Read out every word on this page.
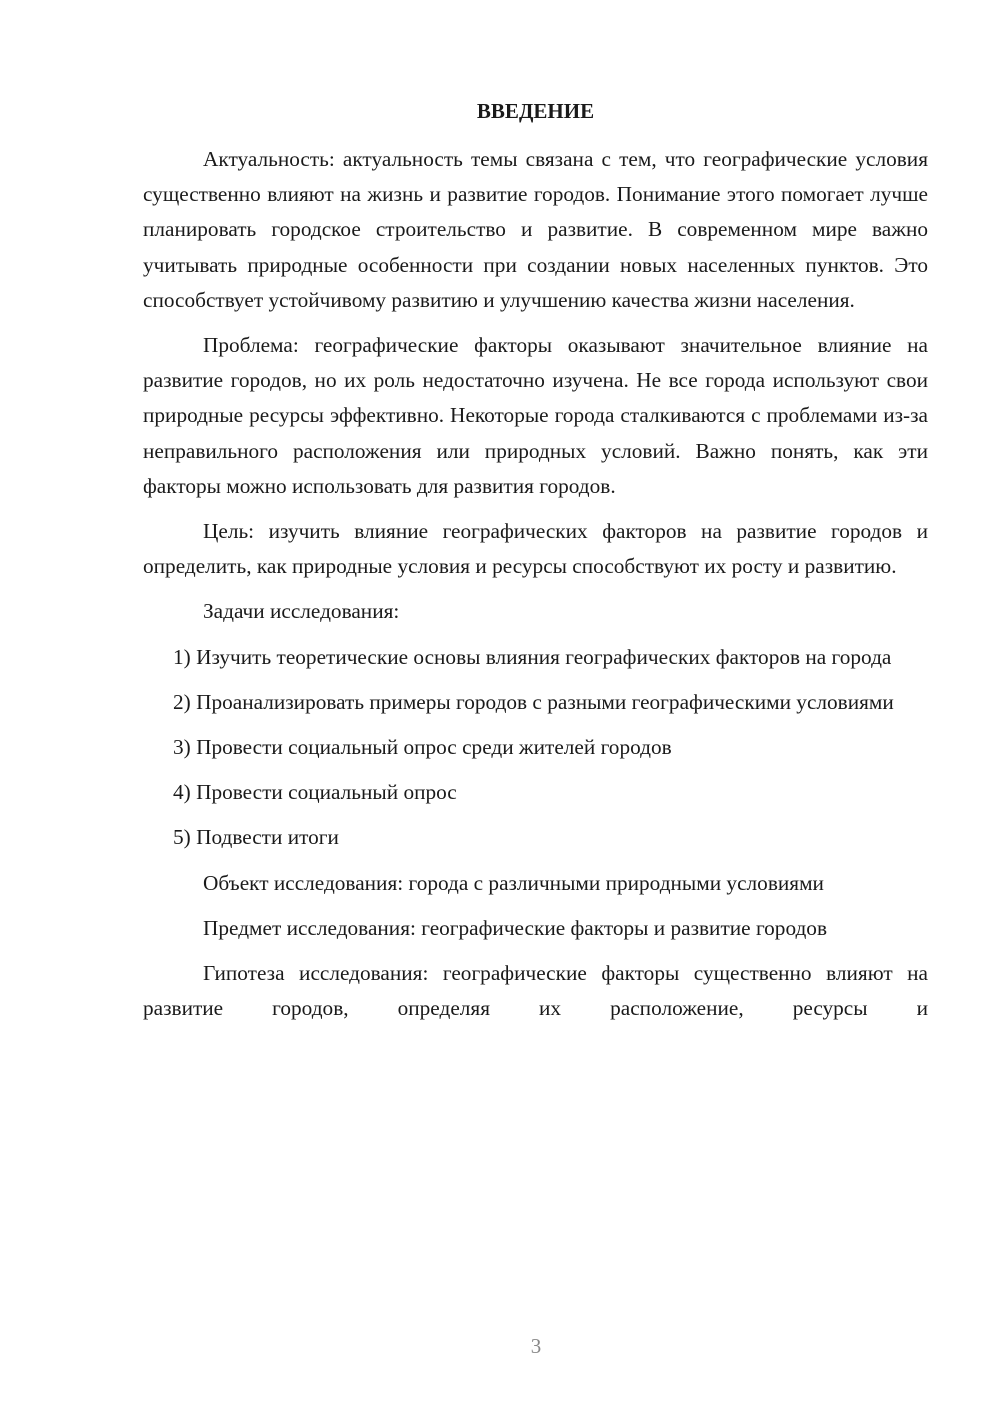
ВВЕДЕНИЕ

Актуальность: актуальность темы связана с тем, что географические условия существенно влияют на жизнь и развитие городов. Понимание этого помогает лучше планировать городское строительство и развитие. В современном мире важно учитывать природные особенности при создании новых населенных пунктов. Это способствует устойчивому развитию и улучшению качества жизни населения.

Проблема: географические факторы оказывают значительное влияние на развитие городов, но их роль недостаточно изучена. Не все города используют свои природные ресурсы эффективно. Некоторые города сталкиваются с проблемами из-за неправильного расположения или природных условий. Важно понять, как эти факторы можно использовать для развития городов.

Цель: изучить влияние географических факторов на развитие городов и определить, как природные условия и ресурсы способствуют их росту и развитию.

Задачи исследования:

1) Изучить теоретические основы влияния географических факторов на города

2) Проанализировать примеры городов с разными географическими условиями

3) Провести социальный опрос среди жителей городов

4) Провести социальный опрос

5) Подвести итоги

Объект исследования: города с различными природными условиями

Предмет исследования: географические факторы и развитие городов

Гипотеза исследования: географические факторы существенно влияют на развитие городов, определяя их расположение, ресурсы и

3
